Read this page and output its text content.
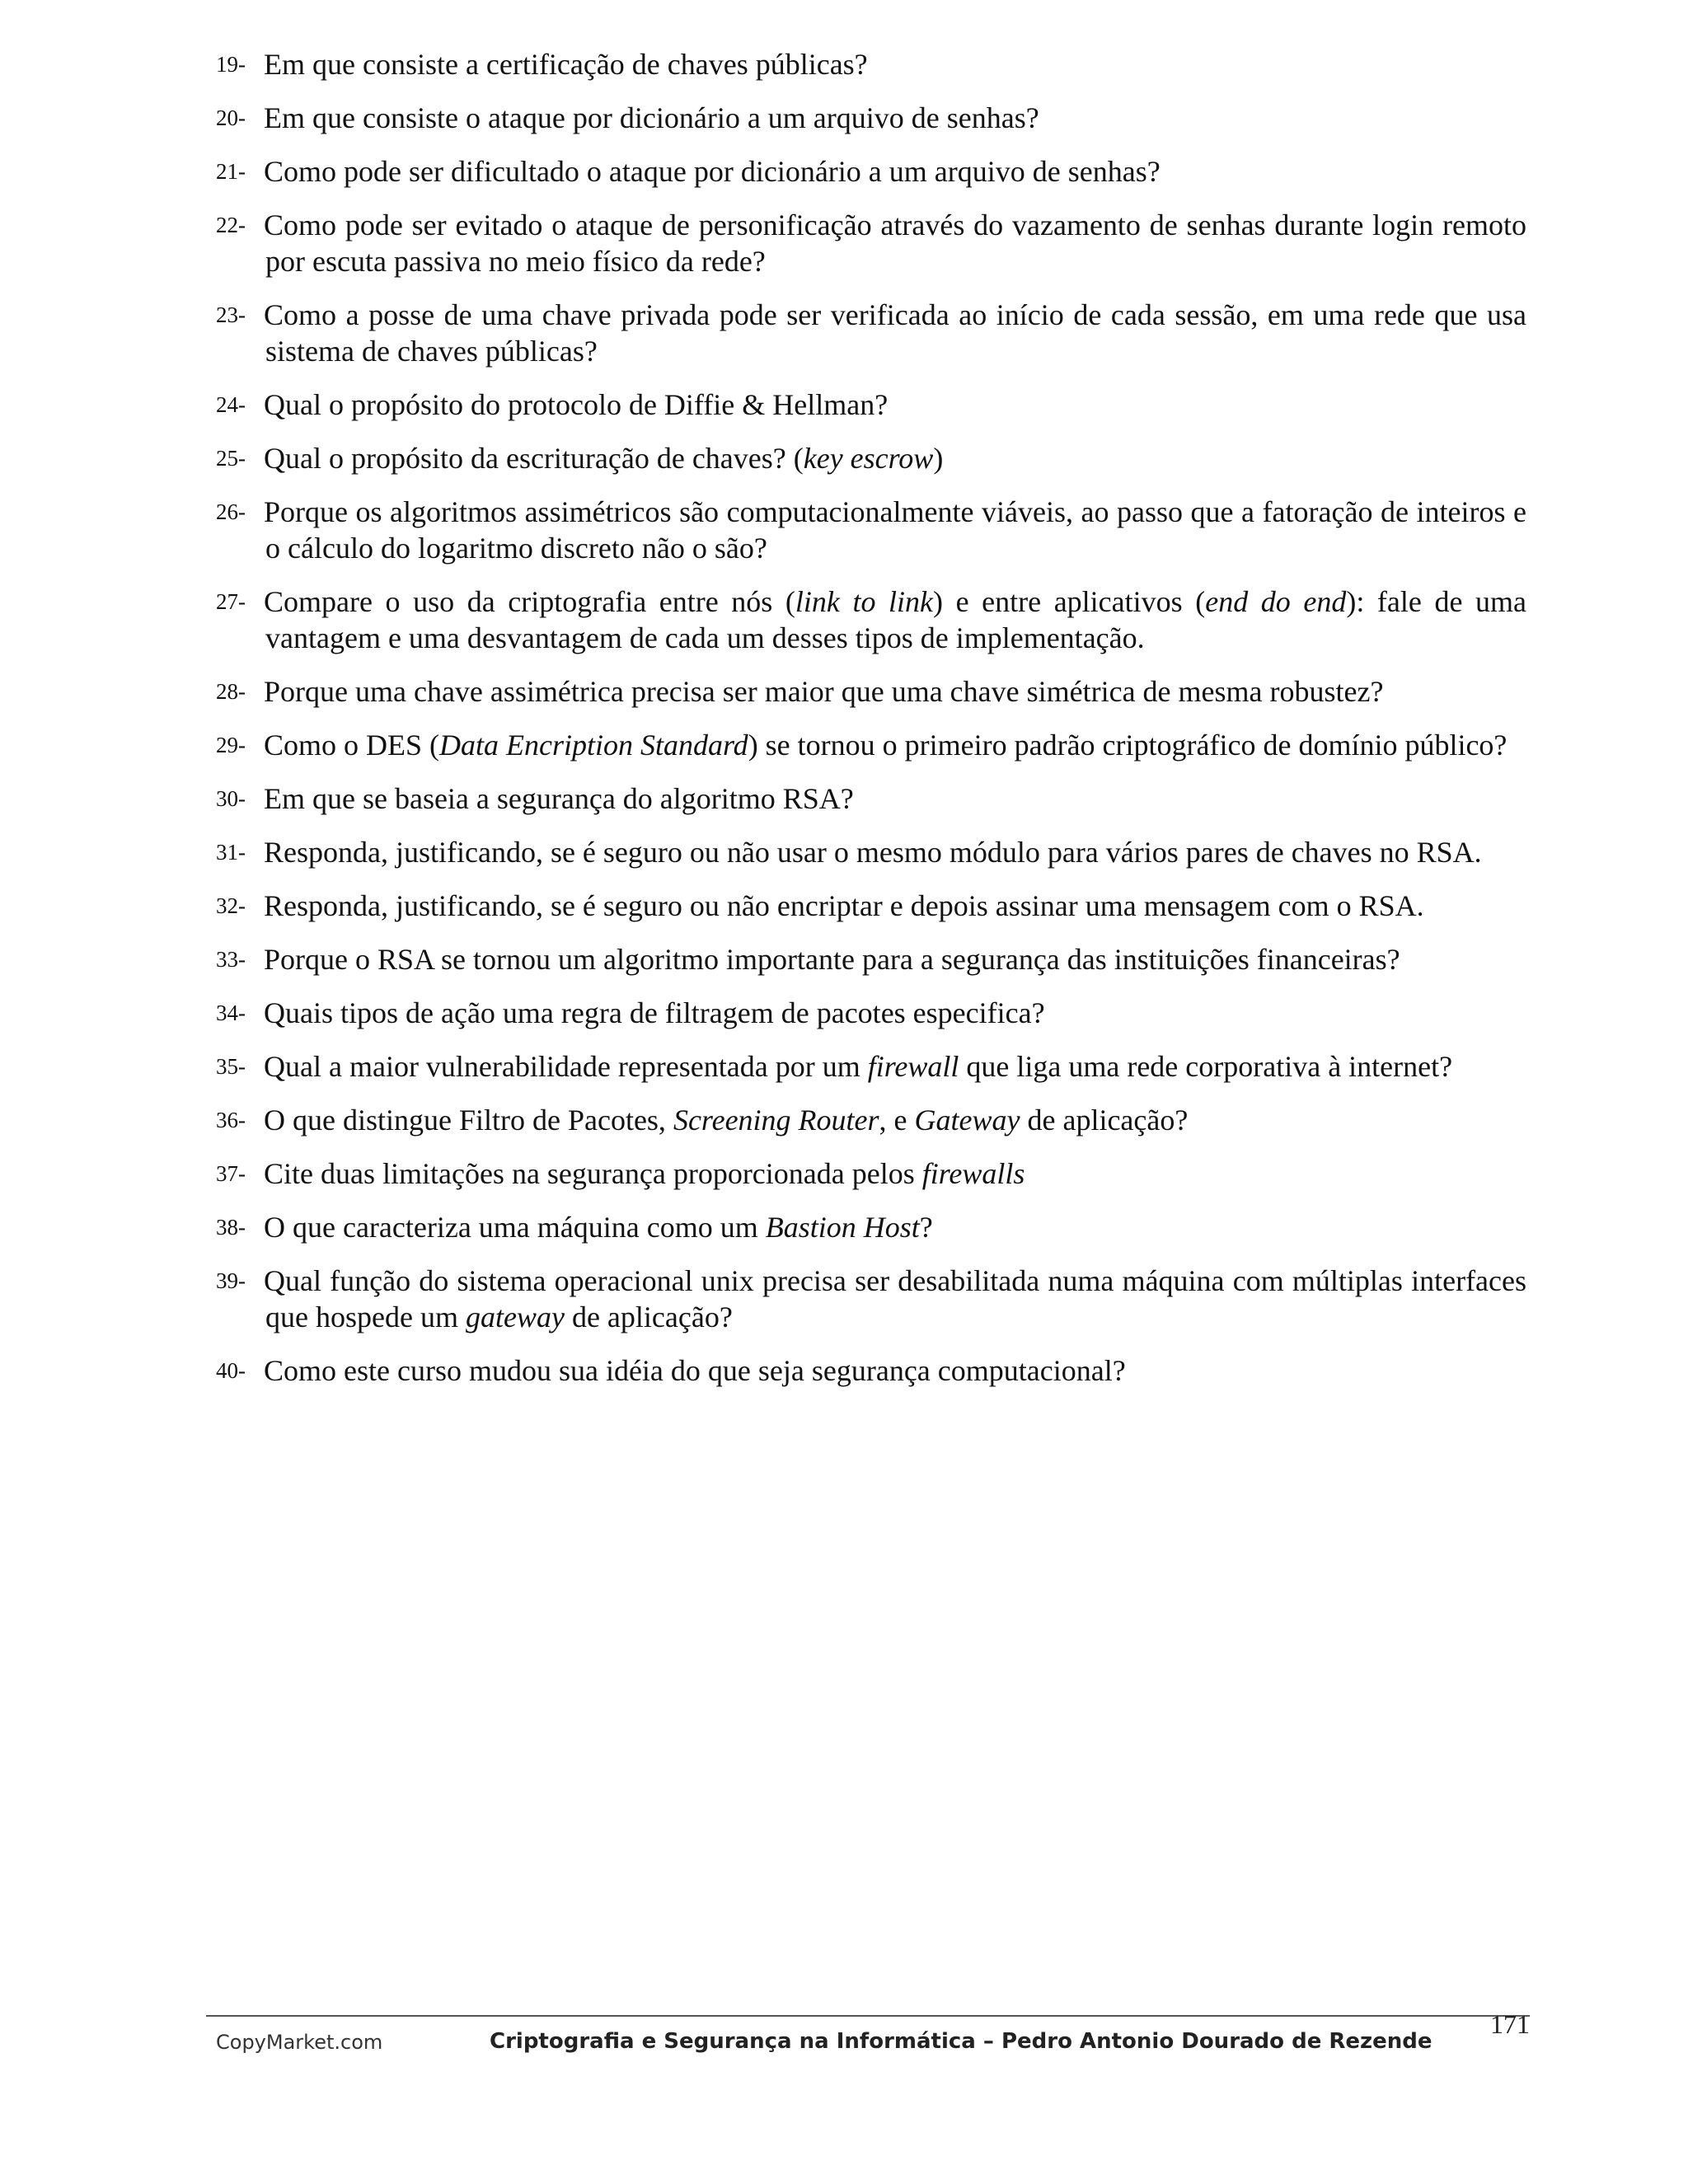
19 - Em que consiste a certificação de chaves públicas?
20 - Em que consiste o ataque por dicionário a um arquivo de senhas?
21 - Como pode ser dificultado o ataque por dicionário a um arquivo de senhas?
22 - Como pode ser evitado o ataque de personificação através do vazamento de senhas durante login remoto por escuta passiva no meio físico da rede?
23 - Como a posse de uma chave privada pode ser verificada ao início de cada sessão, em uma rede que usa sistema de chaves públicas?
24 - Qual o propósito do protocolo de Diffie & Hellman?
25 - Qual o propósito da escrituração de chaves? (key escrow)
26 - Porque os algoritmos assimétricos são computacionalmente viáveis, ao passo que a fatoração de inteiros e o cálculo do logaritmo discreto não o são?
27 - Compare o uso da criptografia entre nós (link to link) e entre aplicativos (end do end): fale de uma vantagem e uma desvantagem de cada um desses tipos de implementação.
28 - Porque uma chave assimétrica precisa ser maior que uma chave simétrica de mesma robustez?
29 - Como o DES (Data Encription Standard) se tornou o primeiro padrão criptográfico de domínio público?
30 - Em que se baseia a segurança do algoritmo RSA?
31 - Responda, justificando, se é seguro ou não usar o mesmo módulo para vários pares de chaves no RSA.
32 - Responda, justificando, se é seguro ou não encriptar e depois assinar uma mensagem com o RSA.
33 - Porque o RSA se tornou um algoritmo importante para a segurança das instituições financeiras?
34 - Quais tipos de ação uma regra de filtragem de pacotes especifica?
35 - Qual a maior vulnerabilidade representada por um firewall que liga uma rede corporativa à internet?
36 - O que distingue Filtro de Pacotes, Screening Router, e Gateway de aplicação?
37 - Cite duas limitações na segurança proporcionada pelos firewalls
38 - O que caracteriza uma máquina como um Bastion Host?
39 - Qual função do sistema operacional unix precisa ser desabilitada numa máquina com múltiplas interfaces que hospede um gateway de aplicação?
40 - Como este curso mudou sua idéia do que seja segurança computacional?
171
CopyMarket.com	Criptografia e Segurança na Informática – Pedro Antonio Dourado de Rezende
